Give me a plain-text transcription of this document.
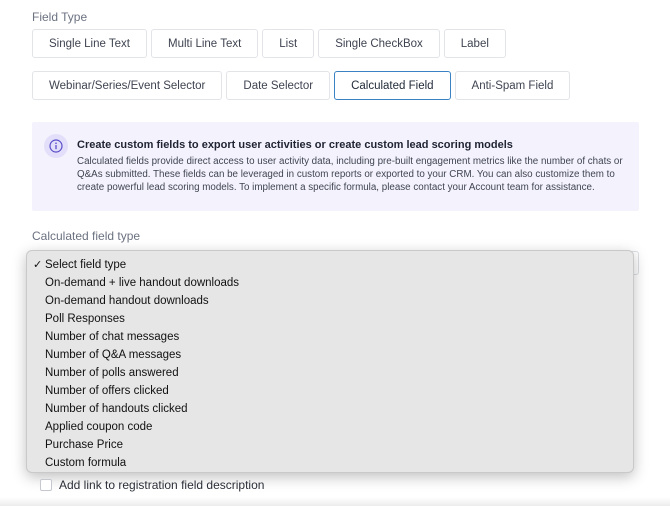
Field Type
Single Line Text	Multi Line Text	List	Single CheckBox	Label
Webinar/Series/Event Selector	Date Selector	Calculated Field	Anti-Spam Field
Create custom fields to export user activities or create custom lead scoring models
Calculated fields provide direct access to user activity data, including pre-built engagement metrics like the number of chats or Q&As submitted. These fields can be leveraged in custom reports or exported to your CRM. You can also customize them to create powerful lead scoring models. To implement a specific formula, please contact your Account team for assistance.
Calculated field type
✓ Select field type
On-demand + live handout downloads
On-demand handout downloads
Poll Responses
Number of chat messages
Number of Q&A messages
Number of polls answered
Number of offers clicked
Number of handouts clicked
Applied coupon code
Purchase Price
Custom formula
Add link to registration field description
